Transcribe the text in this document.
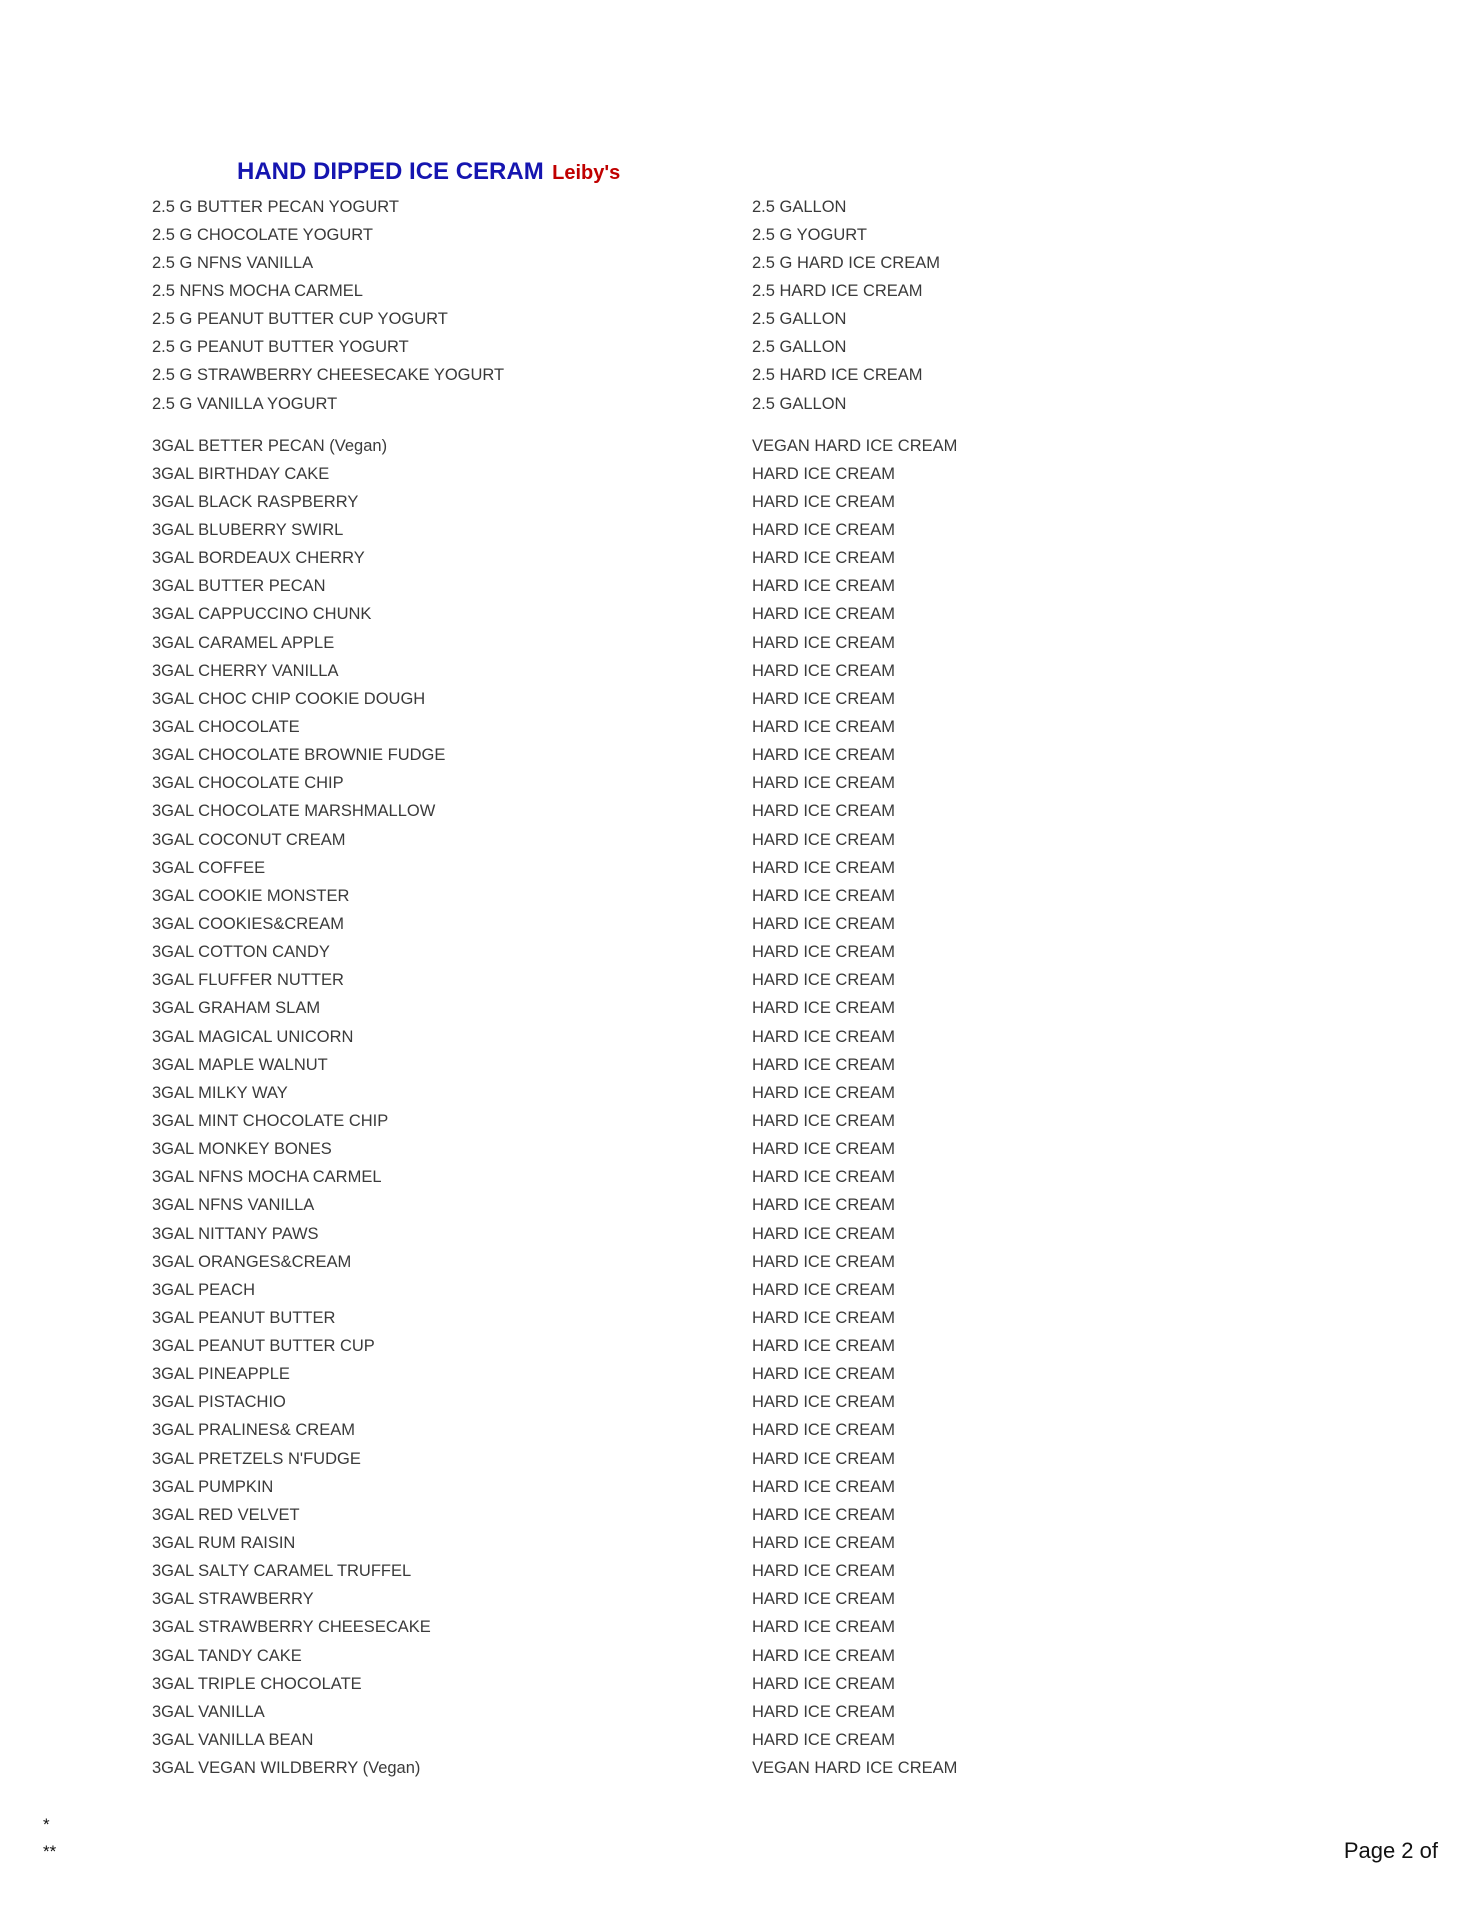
HAND DIPPED ICE CERAM Leiby's
2.5 G BUTTER PECAN YOGURT	2.5 GALLON
2.5 G CHOCOLATE YOGURT	2.5 G YOGURT
2.5 G NFNS VANILLA	2.5 G HARD ICE CREAM
2.5 NFNS MOCHA CARMEL	2.5 HARD ICE CREAM
2.5 G PEANUT BUTTER CUP YOGURT	2.5 GALLON
2.5 G PEANUT BUTTER YOGURT	2.5 GALLON
2.5 G STRAWBERRY CHEESECAKE YOGURT	2.5 HARD ICE CREAM
2.5 G VANILLA YOGURT	2.5 GALLON
3GAL BETTER PECAN (Vegan)	VEGAN HARD ICE CREAM
3GAL BIRTHDAY CAKE	HARD ICE CREAM
3GAL BLACK RASPBERRY	HARD ICE CREAM
3GAL BLUBERRY SWIRL	HARD ICE CREAM
3GAL BORDEAUX CHERRY	HARD ICE CREAM
3GAL BUTTER PECAN	HARD ICE CREAM
3GAL CAPPUCCINO CHUNK	HARD ICE CREAM
3GAL CARAMEL APPLE	HARD ICE CREAM
3GAL CHERRY VANILLA	HARD ICE CREAM
3GAL CHOC CHIP COOKIE DOUGH	HARD ICE CREAM
3GAL CHOCOLATE	HARD ICE CREAM
3GAL CHOCOLATE BROWNIE FUDGE	HARD ICE CREAM
3GAL CHOCOLATE CHIP	HARD ICE CREAM
3GAL CHOCOLATE MARSHMALLOW	HARD ICE CREAM
3GAL COCONUT CREAM	HARD ICE CREAM
3GAL COFFEE	HARD ICE CREAM
3GAL COOKIE MONSTER	HARD ICE CREAM
3GAL COOKIES&CREAM	HARD ICE CREAM
3GAL COTTON CANDY	HARD ICE CREAM
3GAL FLUFFER NUTTER	HARD ICE CREAM
3GAL GRAHAM SLAM	HARD ICE CREAM
3GAL MAGICAL UNICORN	HARD ICE CREAM
3GAL MAPLE WALNUT	HARD ICE CREAM
3GAL MILKY WAY	HARD ICE CREAM
3GAL MINT CHOCOLATE CHIP	HARD ICE CREAM
3GAL MONKEY BONES	HARD ICE CREAM
3GAL NFNS MOCHA CARMEL	HARD ICE CREAM
3GAL NFNS VANILLA	HARD ICE CREAM
3GAL NITTANY PAWS	HARD ICE CREAM
3GAL ORANGES&CREAM	HARD ICE CREAM
3GAL PEACH	HARD ICE CREAM
3GAL PEANUT BUTTER	HARD ICE CREAM
3GAL PEANUT BUTTER CUP	HARD ICE CREAM
3GAL PINEAPPLE	HARD ICE CREAM
3GAL PISTACHIO	HARD ICE CREAM
3GAL PRALINES& CREAM	HARD ICE CREAM
3GAL PRETZELS N'FUDGE	HARD ICE CREAM
3GAL PUMPKIN	HARD ICE CREAM
3GAL RED VELVET	HARD ICE CREAM
3GAL RUM RAISIN	HARD ICE CREAM
3GAL SALTY CARAMEL TRUFFEL	HARD ICE CREAM
3GAL STRAWBERRY	HARD ICE CREAM
3GAL STRAWBERRY CHEESECAKE	HARD ICE CREAM
3GAL TANDY CAKE	HARD ICE CREAM
3GAL TRIPLE CHOCOLATE	HARD ICE CREAM
3GAL VANILLA	HARD ICE CREAM
3GAL VANILLA BEAN	HARD ICE CREAM
3GAL VEGAN WILDBERRY (Vegan)	VEGAN HARD ICE CREAM
*
**	Page 2 of
